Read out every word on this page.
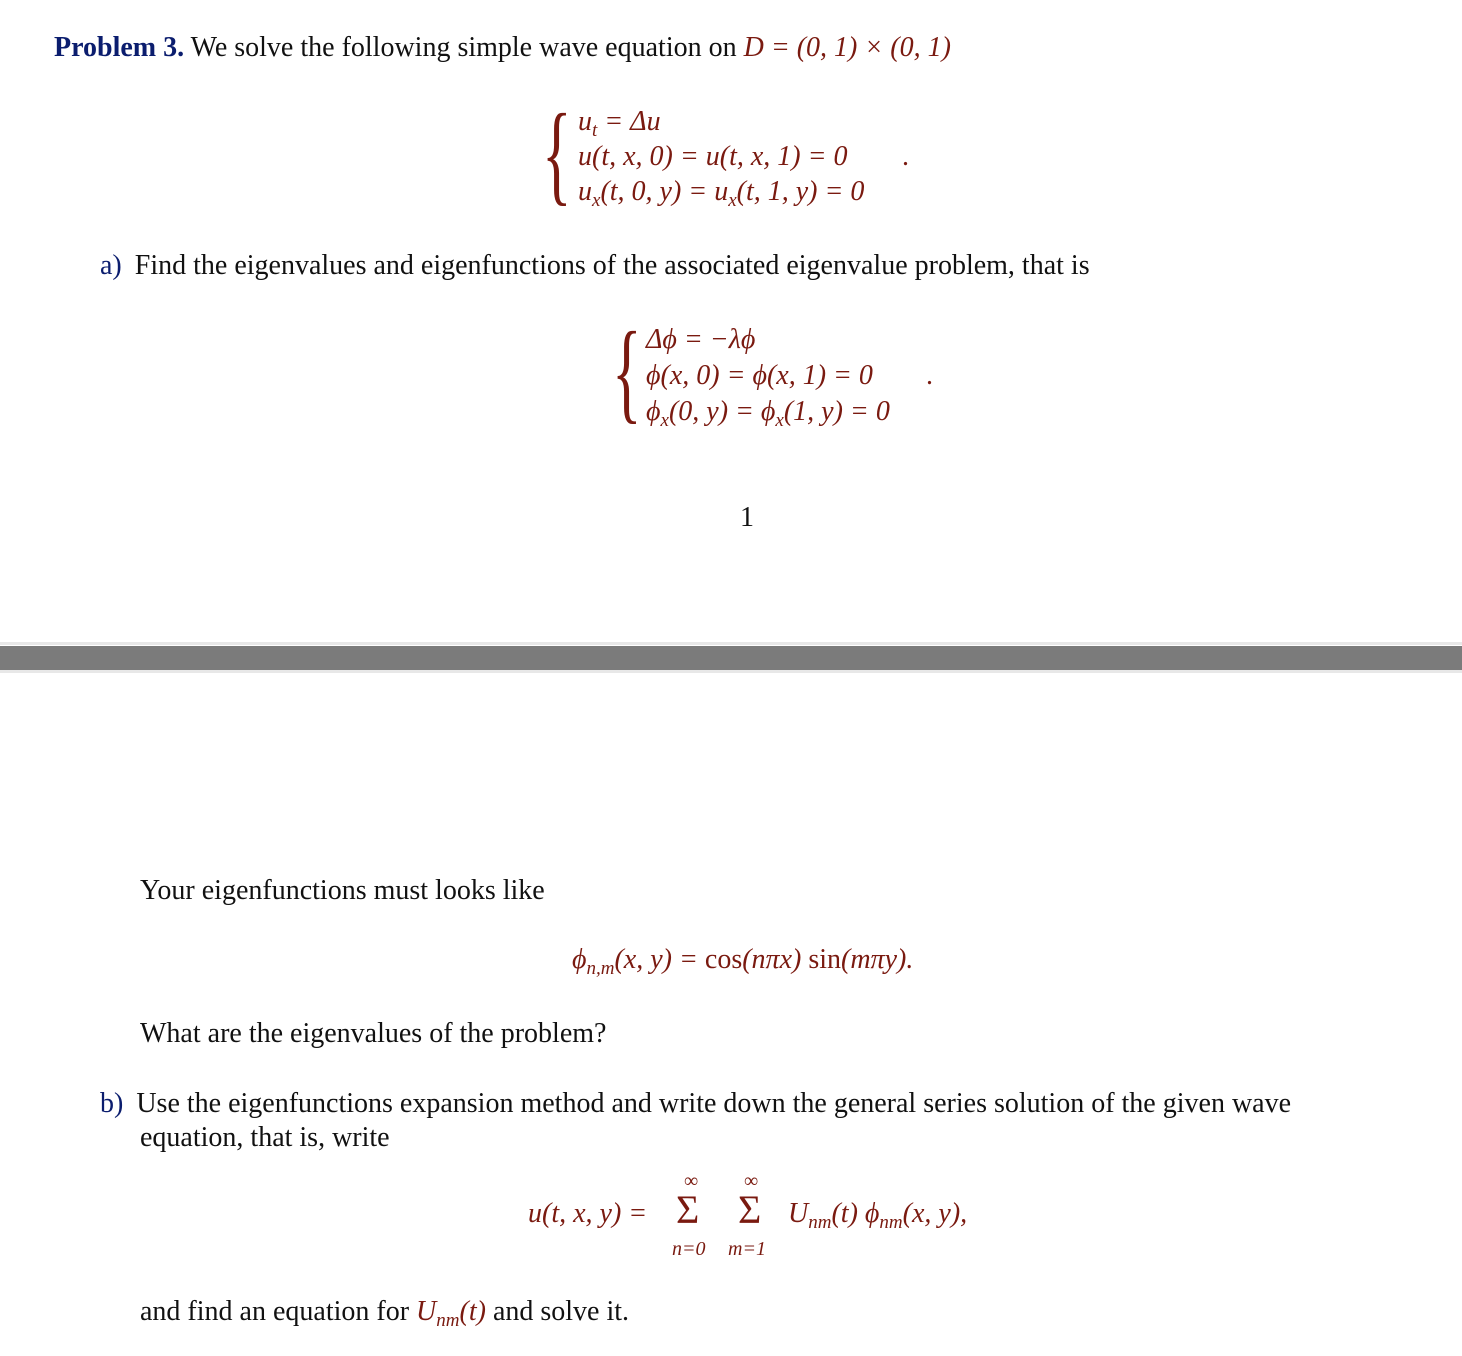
Problem 3. We solve the following simple wave equation on D = (0, 1) × (0, 1)
{ $u_t = \Delta u$
u(t, x, 0) = u(t, x, 1) = 0
$u_x(t$, 0, $y) = u_x(t$, 1, y) = 0
.
a) Find the eigenvalues and eigenfunctions of the associated eigenvalue problem, that is
{ Δϕ = −λϕ
ϕ(x, 0) = ϕ(x, 1) = 0
$\phi_x(0$, $y) = \phi_x(1$, y) = 0
.
1
Your eigenfunctions must looks like
$\phi_{n,m}(x$, y) = cos(nπx) sin(mπy).
What are the eigenvalues of the problem?
b) Use the eigenfunctions expansion method and write down the general series solution of the given wave
equation, that is, write
u(t, x, y) =
∞ ∞
Σ Σ
n=0 m=1
$U_{nm}(t)$ $\phi_{nm}(x$, y),
and find an equation for $U_{nm}(t)$ and solve it.
